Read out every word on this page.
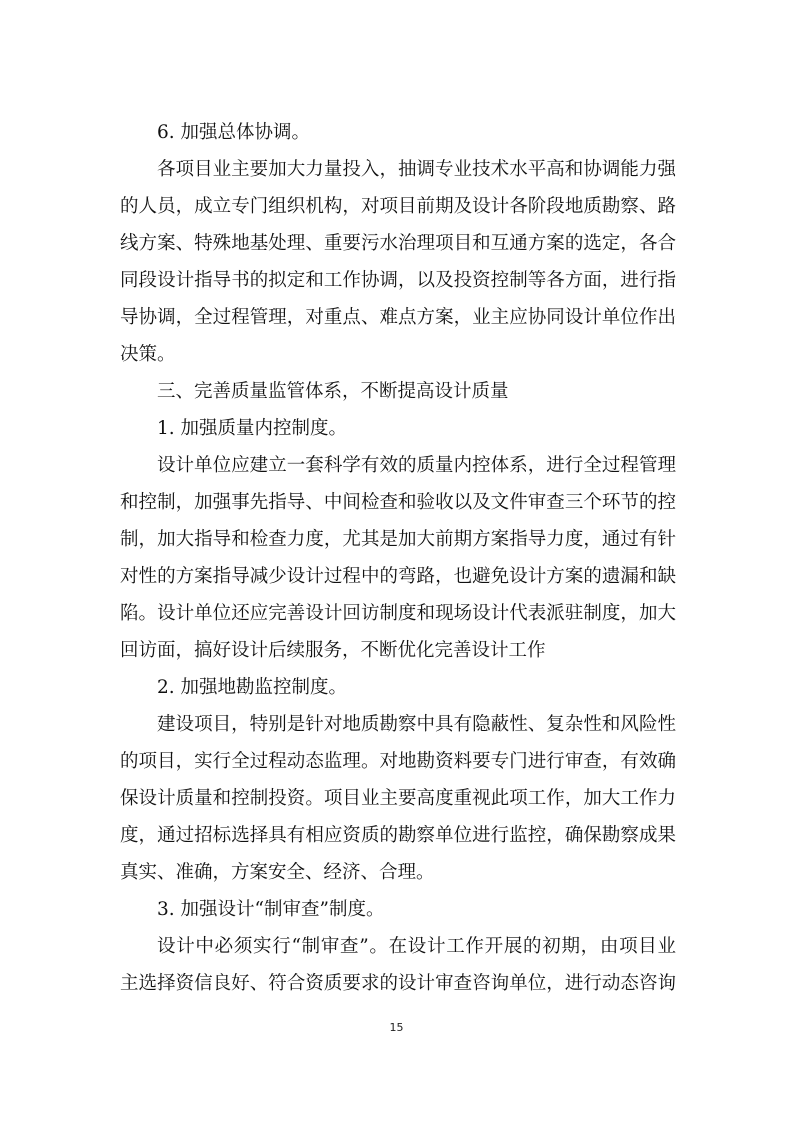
6. 加强总体协调。
各项目业主要加大力量投入，抽调专业技术水平高和协调能力强
的人员，成立专门组织机构，对项目前期及设计各阶段地质勘察、路
线方案、特殊地基处理、重要污水治理项目和互通方案的选定，各合
同段设计指导书的拟定和工作协调，以及投资控制等各方面，进行指
导协调，全过程管理，对重点、难点方案，业主应协同设计单位作出
决策。
三、完善质量监管体系，不断提高设计质量
1. 加强质量内控制度。
设计单位应建立一套科学有效的质量内控体系，进行全过程管理
和控制，加强事先指导、中间检查和验收以及文件审查三个环节的控
制，加大指导和检查力度，尤其是加大前期方案指导力度，通过有针
对性的方案指导减少设计过程中的弯路，也避免设计方案的遗漏和缺
陷。设计单位还应完善设计回访制度和现场设计代表派驻制度，加大
回访面，搞好设计后续服务，不断优化完善设计工作
2. 加强地勘监控制度。
建设项目，特别是针对地质勘察中具有隐蔽性、复杂性和风险性
的项目，实行全过程动态监理。对地勘资料要专门进行审查，有效确
保设计质量和控制投资。项目业主要高度重视此项工作，加大工作力
度，通过招标选择具有相应资质的勘察单位进行监控，确保勘察成果
真实、准确，方案安全、经济、合理。
3. 加强设计“制审查”制度。
设计中必须实行“制审查”。在设计工作开展的初期，由项目业
主选择资信良好、符合资质要求的设计审查咨询单位，进行动态咨询
15
